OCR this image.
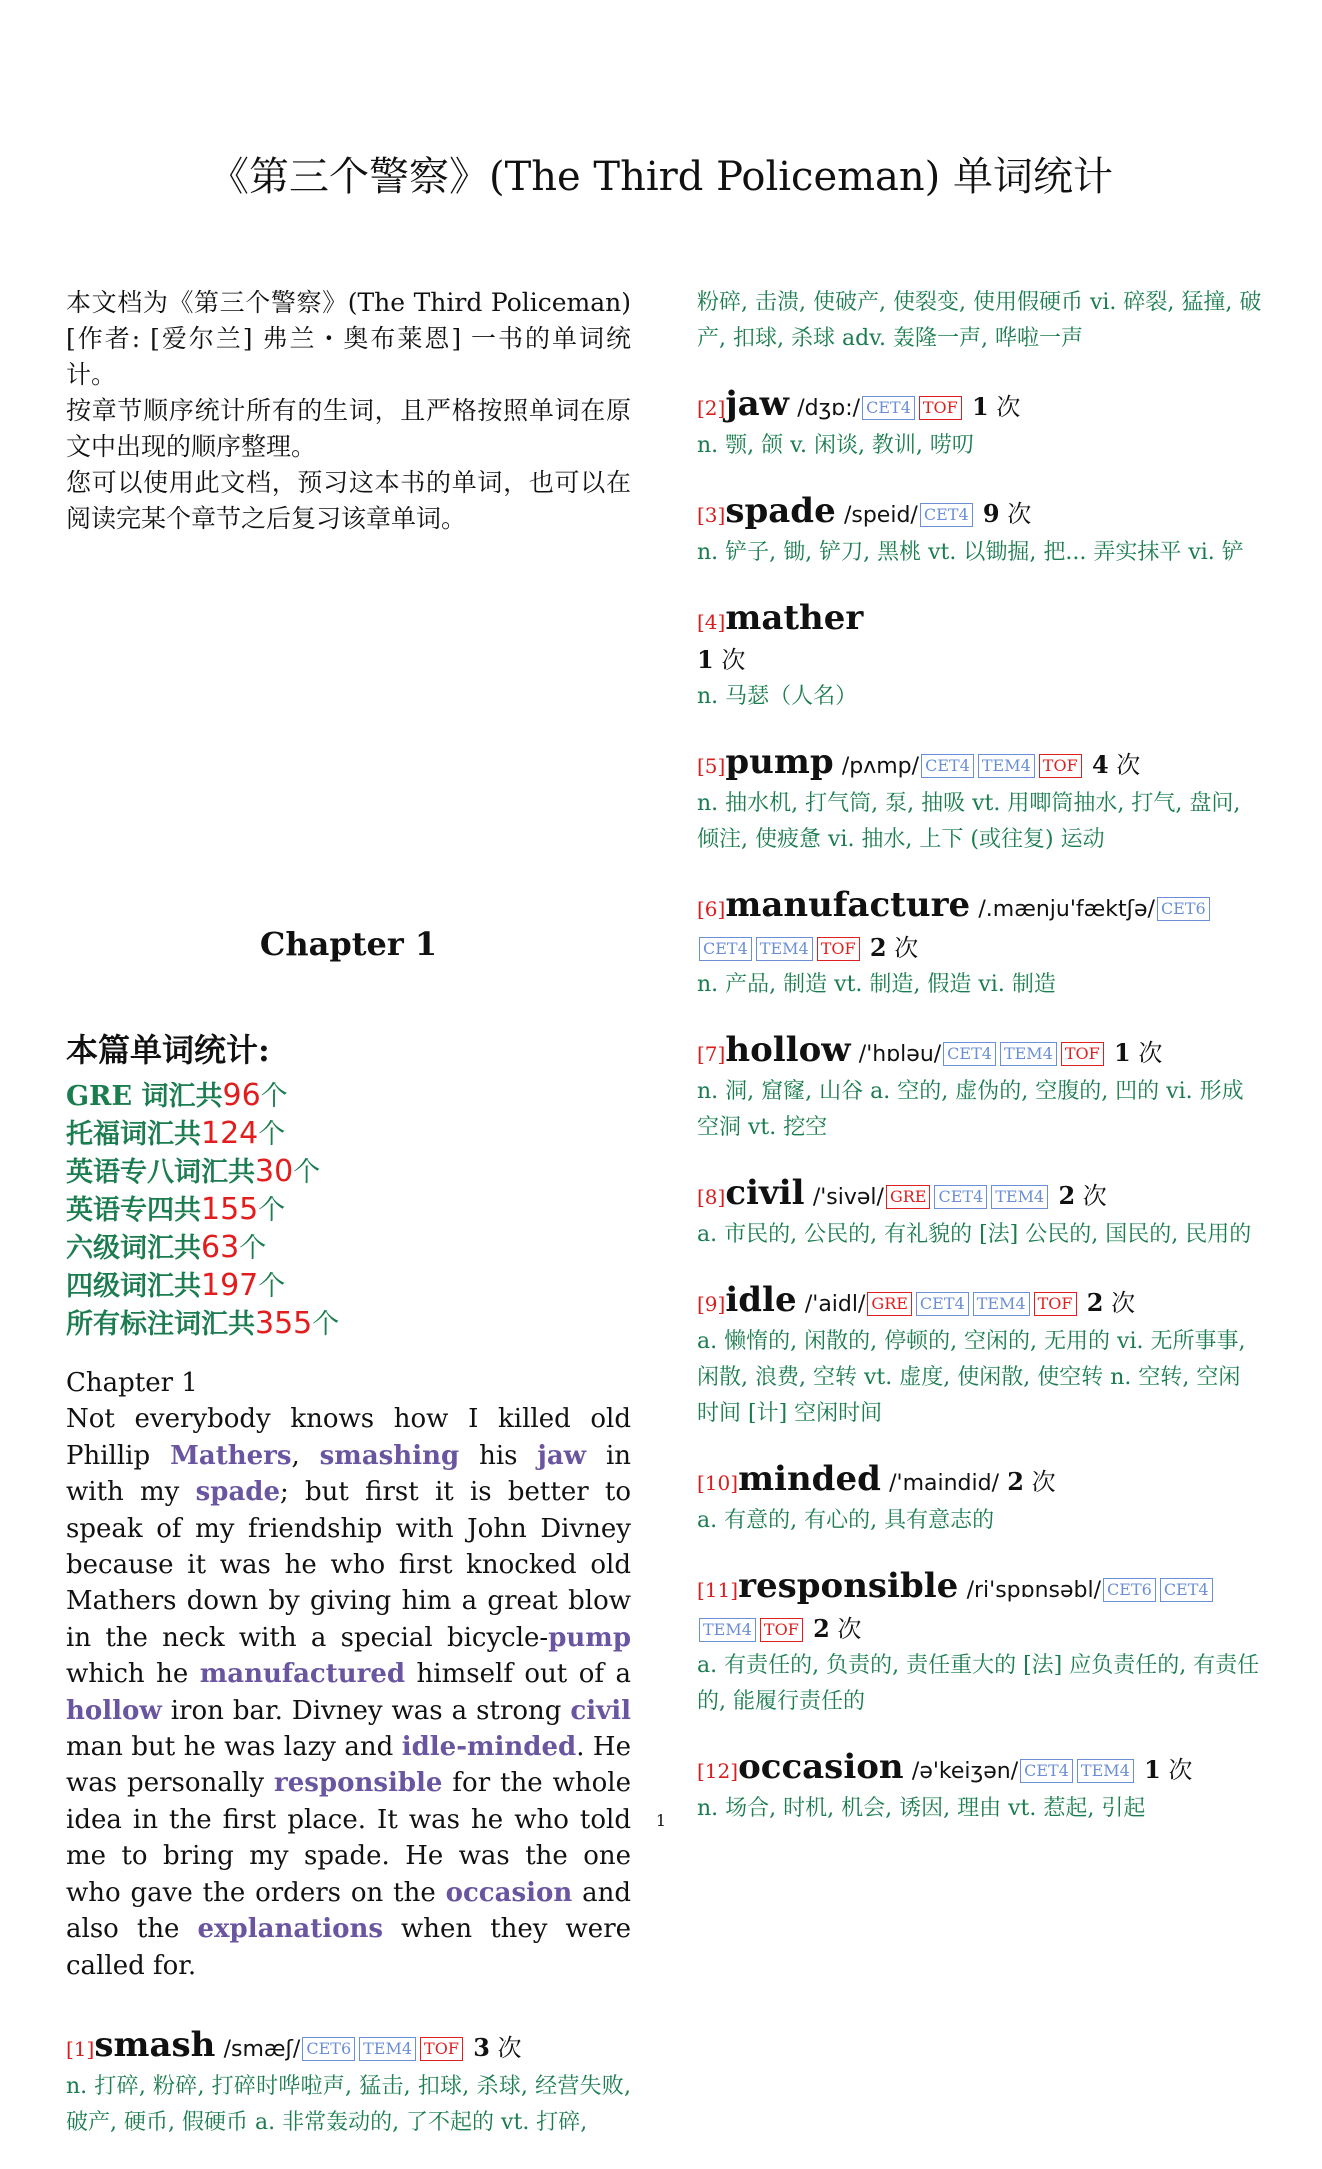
《第三个警察》(The Third Policeman) 单词统计

本文档为《第三个警察》(The Third Policeman)[作者: [爱尔兰] 弗兰・奥布莱恩] 一书的单词统计。

按章节顺序统计所有的生词，且严格按照单词在原文中出现的顺序整理。

您可以使用此文档，预习这本书的单词，也可以在阅读完某个章节之后复习该章单词。

Chapter 1
本篇单词统计:
GRE 词汇共96个
托福词汇共124个
英语专八词汇共30个
英语专四共155个
六级词汇共63个
四级词汇共197个
所有标注词汇共355个
Chapter 1
Not everybody knows how I killed old Phillip Mathers, smashing his jaw in with my spade; but first it is better to speak of my friendship with John Divney because it was he who first knocked old Mathers down by giving him a great blow in the neck with a special bicycle-pump which he manufactured himself out of a hollow iron bar. Divney was a strong civil man but he was lazy and idle-minded. He was personally responsible for the whole idea in the first place. It was he who told me to bring my spade. He was the one who gave the orders on the occasion and also the explanations when they were called for.
[1]smash /smæʃ/ CET6 TEM4 TOF 3 次
n. 打碎, 粉碎, 打碎时哗啦声, 猛击, 扣球, 杀球, 经营失败, 破产, 硬币, 假硬币 a. 非常轰动的, 了不起的 vt. 打碎,
粉碎, 击溃, 使破产, 使裂变, 使用假硬币 vi. 碎裂, 猛撞, 破产, 扣球, 杀球 adv. 轰隆一声, 哗啦一声
[2]jaw /dʒɒ:/ CET4 TOF 1 次
n. 颚, 颌 v. 闲谈, 教训, 唠叨
[3]spade /speid/ CET4 9 次
n. 铲子, 锄, 铲刀, 黑桃 vt. 以锄掘, 把... 弄实抹平 vi. 铲
[4]mather
1 次
n. 马瑟（人名）
[5]pump /pʌmp/ CET4 TEM4 TOF 4 次
n. 抽水机, 打气筒, 泵, 抽吸 vt. 用唧筒抽水, 打气, 盘问, 倾注, 使疲惫 vi. 抽水, 上下 (或往复) 运动
[6]manufacture /.mænju'fæktʃə/ CET6CET4 TEM4 TOF 2 次
n. 产品, 制造 vt. 制造, 假造 vi. 制造
[7]hollow /'hɒləu/ CET4 TEM4 TOF 1 次
n. 洞, 窟窿, 山谷 a. 空的, 虚伪的, 空腹的, 凹的 vi. 形成空洞 vt. 挖空
[8]civil /'sivəl/ GRE CET4 TEM4 2 次
a. 市民的, 公民的, 有礼貌的 [法] 公民的, 国民的, 民用的
[9]idle /'aidl/ GRE CET4 TEM4 TOF 2 次
a. 懒惰的, 闲散的, 停顿的, 空闲的, 无用的 vi. 无所事事, 闲散, 浪费, 空转 vt. 虚度, 使闲散, 使空转 n. 空转, 空闲时间 [计] 空闲时间
[10]minded /'maindid/ 2 次
a. 有意的, 有心的, 具有意志的
[11]responsible /ri'spɒnsəbl/ CET6 CET4TEM4 TOF 2 次
a. 有责任的, 负责的, 责任重大的 [法] 应负责任的, 有责任的, 能履行责任的
[12]occasion /ə'keiʒən/ CET4 TEM4 1 次
n. 场合, 时机, 机会, 诱因, 理由 vt. 惹起, 引起
1
